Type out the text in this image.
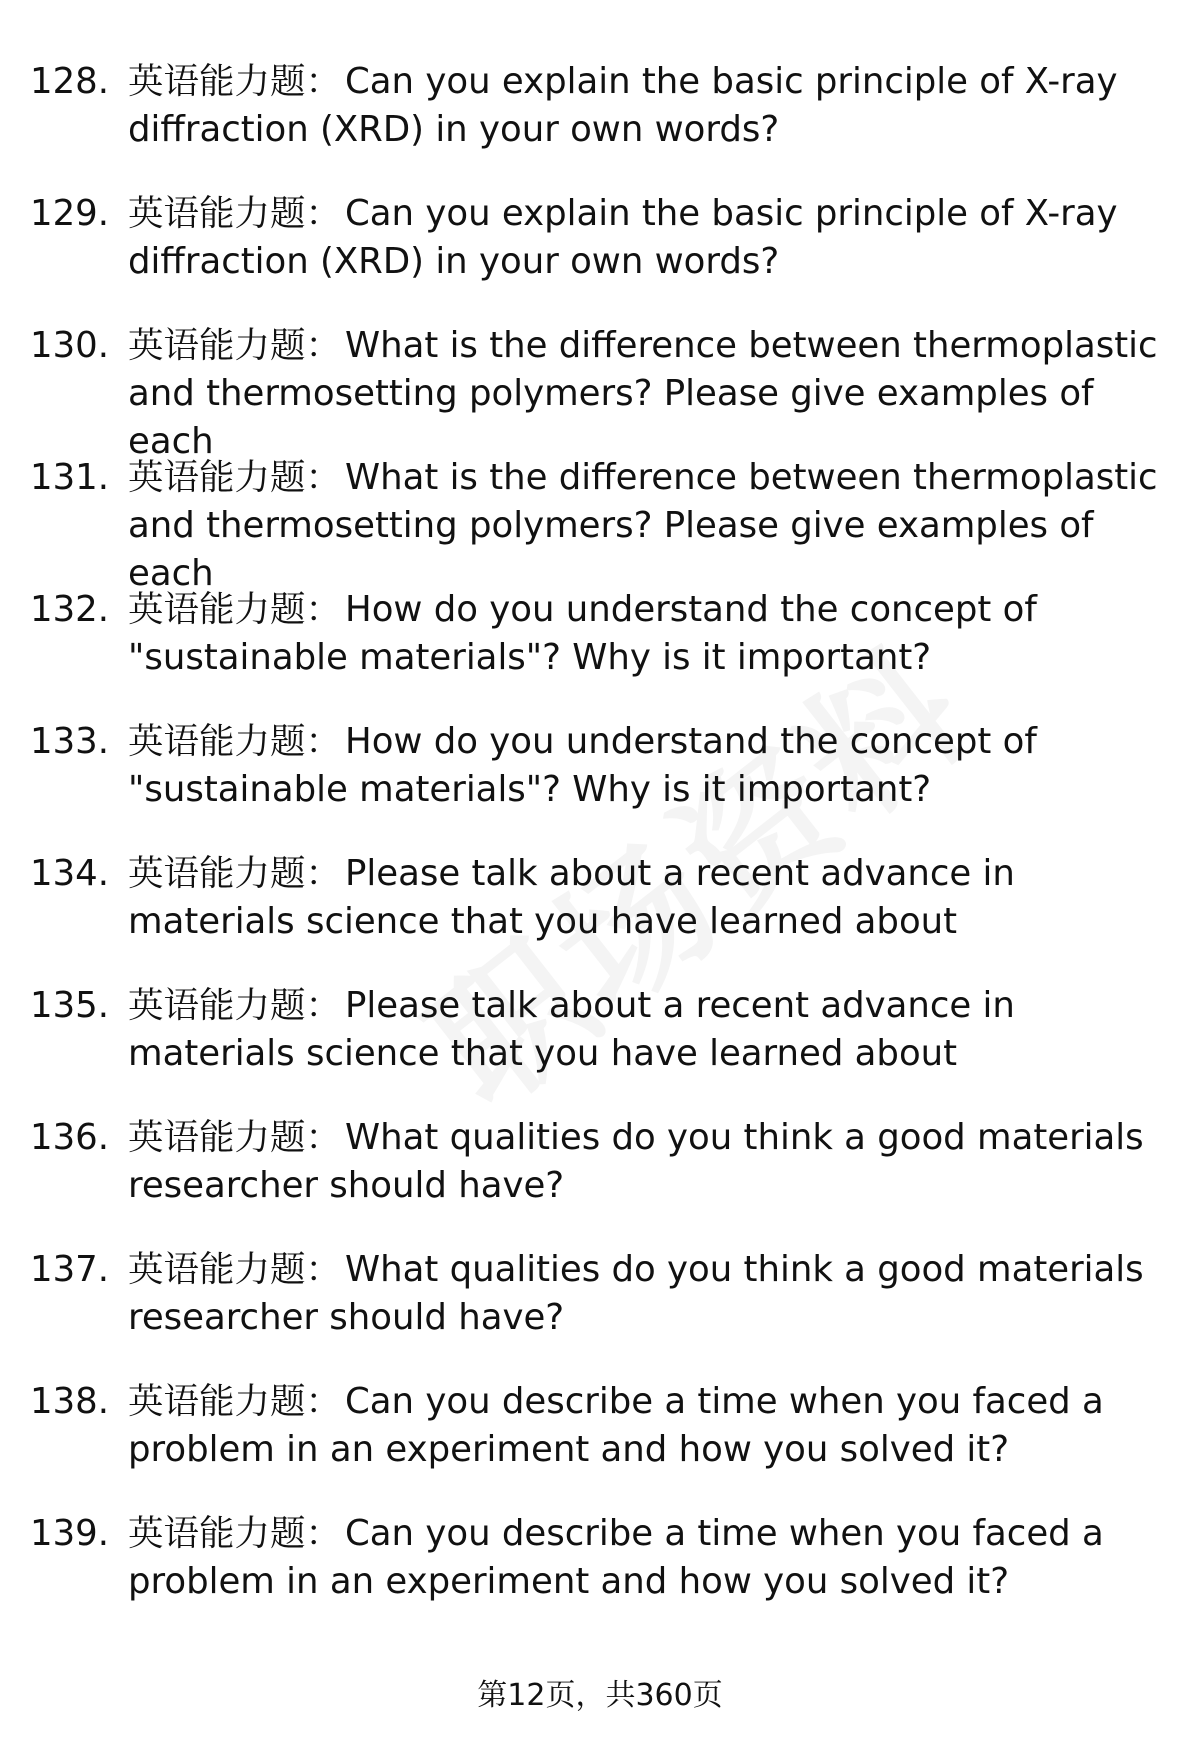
128. 英语能力题： Can you explain the basic principle of X-ray diffraction (XRD) in your own words?
129. 英语能力题： Can you explain the basic principle of X-ray diffraction (XRD) in your own words?
130. 英语能力题： What is the difference between thermoplastic and thermosetting polymers? Please give examples of each
131. 英语能力题： What is the difference between thermoplastic and thermosetting polymers? Please give examples of each
132. 英语能力题： How do you understand the concept of "sustainable materials"? Why is it important?
133. 英语能力题： How do you understand the concept of "sustainable materials"? Why is it important?
134. 英语能力题： Please talk about a recent advance in materials science that you have learned about
135. 英语能力题： Please talk about a recent advance in materials science that you have learned about
136. 英语能力题： What qualities do you think a good materials researcher should have?
137. 英语能力题： What qualities do you think a good materials researcher should have?
138. 英语能力题： Can you describe a time when you faced a problem in an experiment and how you solved it?
139. 英语能力题： Can you describe a time when you faced a problem in an experiment and how you solved it?
第12页，共360页
